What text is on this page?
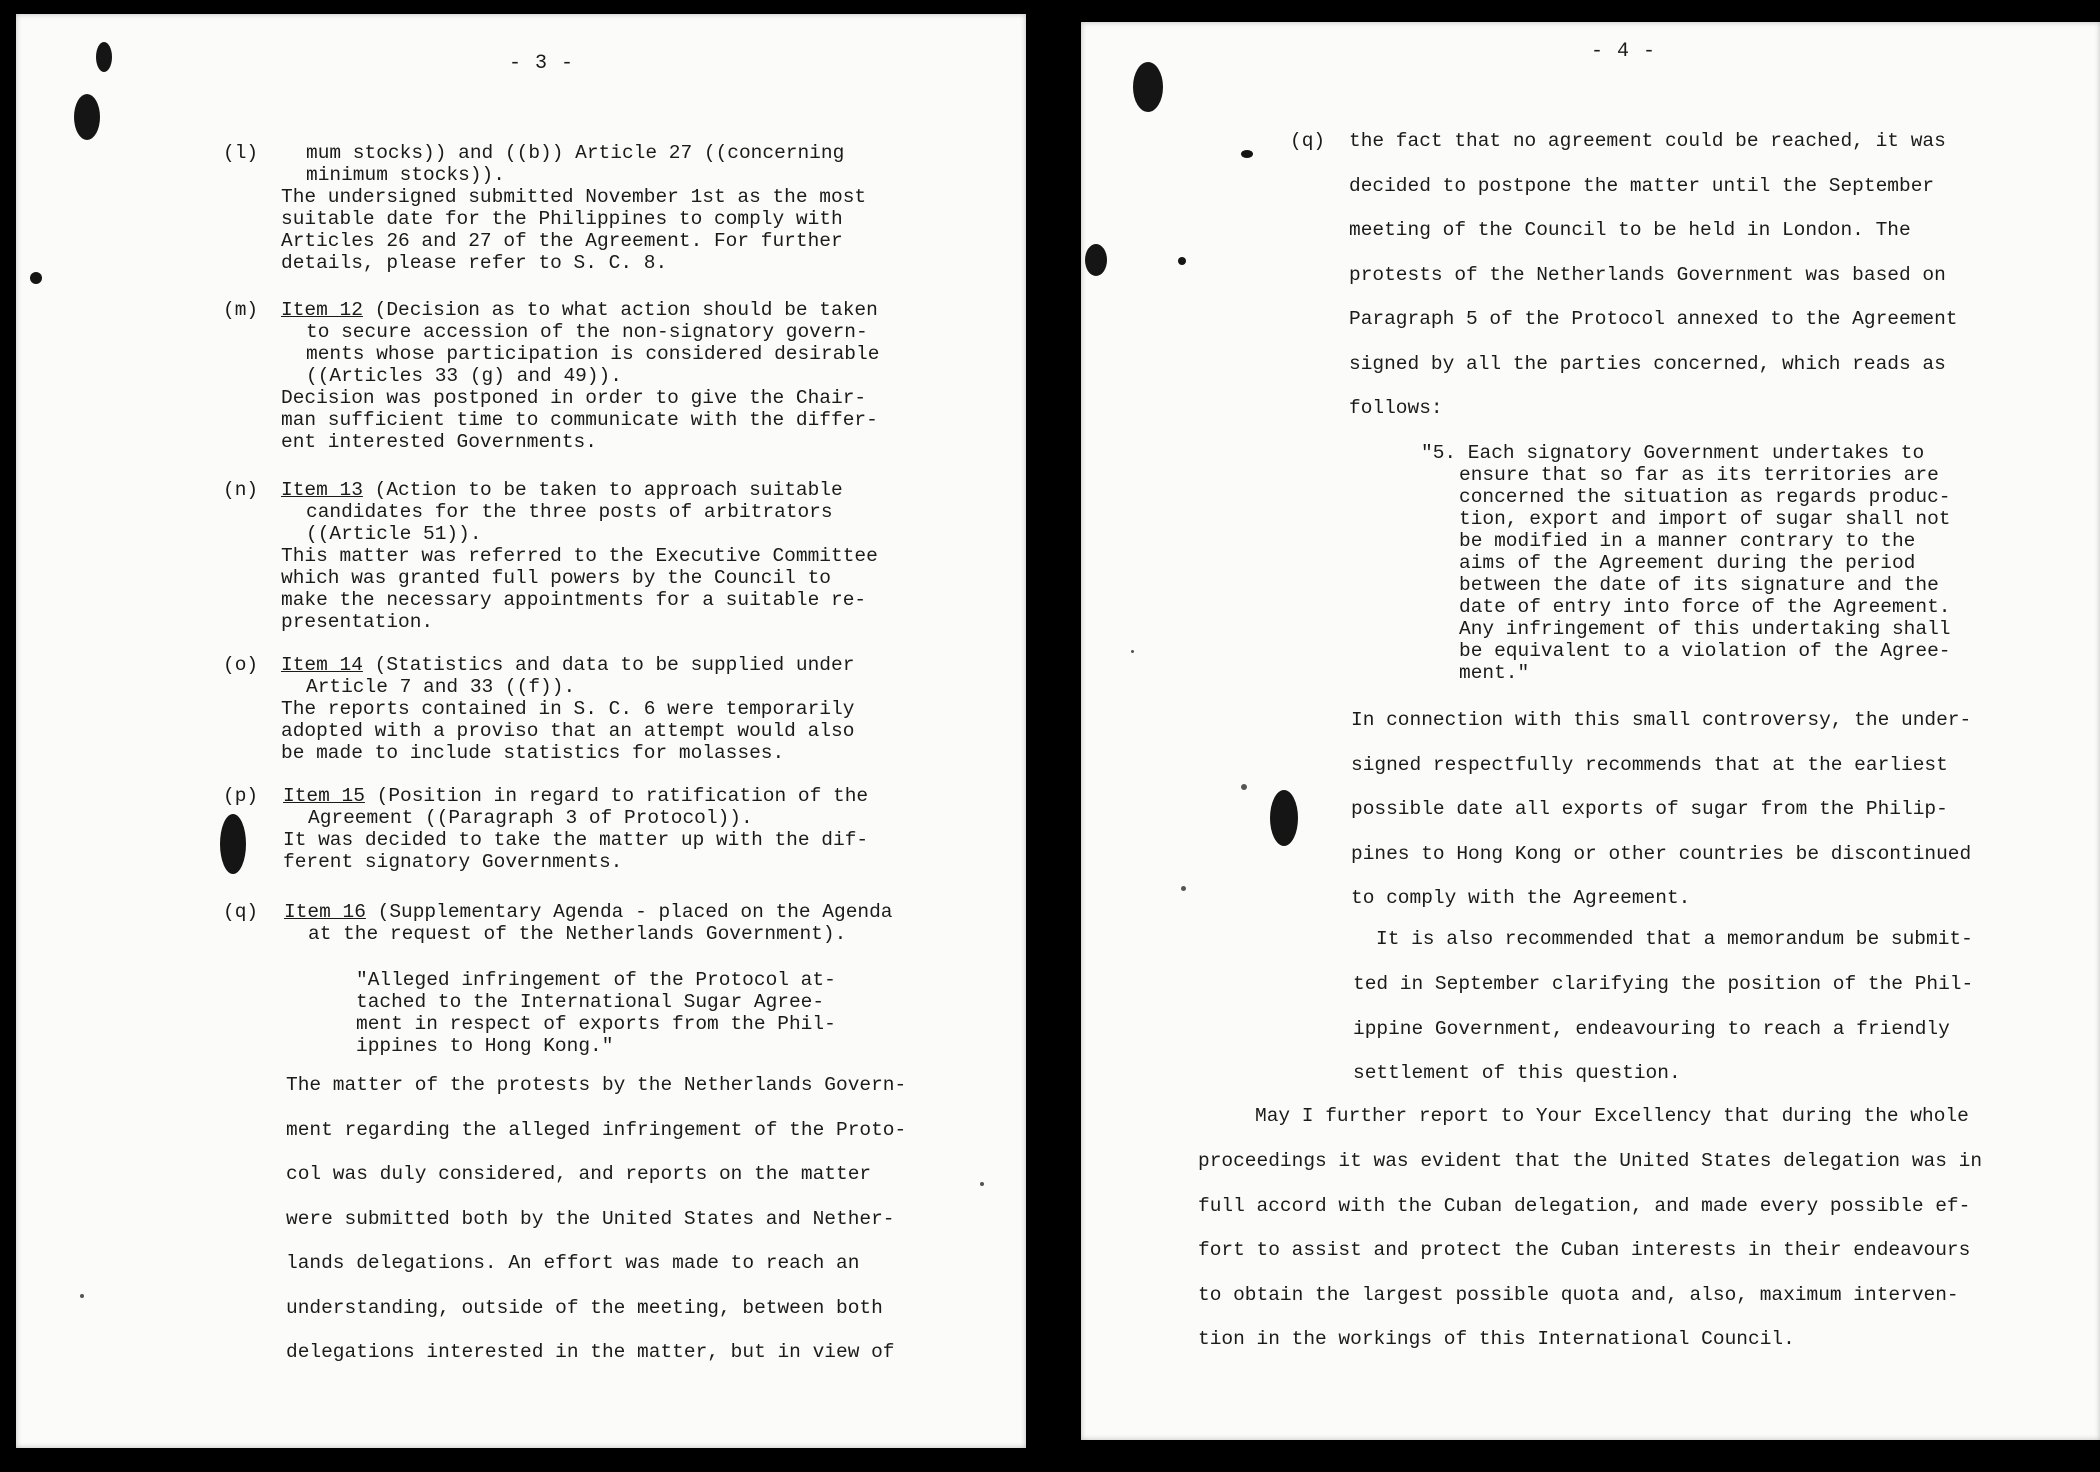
- 3 -
(l) mum stocks)) and ((b)) Article 27 ((concerning
minimum stocks)).
The undersigned submitted November 1st as the most
suitable date for the Philippines to comply with
Articles 26 and 27 of the Agreement. For further
details, please refer to S. C. 8.
(m) Item 12 (Decision as to what action should be taken
to secure accession of the non-signatory govern-
ments whose participation is considered desirable
((Articles 33 (g) and 49)).
Decision was postponed in order to give the Chair-
man sufficient time to communicate with the differ-
ent interested Governments.
(n) Item 13 (Action to be taken to approach suitable
candidates for the three posts of arbitrators
((Article 51)).
This matter was referred to the Executive Committee
which was granted full powers by the Council to
make the necessary appointments for a suitable re-
presentation.
(o) Item 14 (Statistics and data to be supplied under
Article 7 and 33 ((f)).
The reports contained in S. C. 6 were temporarily
adopted with a proviso that an attempt would also
be made to include statistics for molasses.
(p) Item 15 (Position in regard to ratification of the
Agreement ((Paragraph 3 of Protocol)).
It was decided to take the matter up with the dif-
ferent signatory Governments.
(q) Item 16 (Supplementary Agenda - placed on the Agenda
at the request of the Netherlands Government).
"Alleged infringement of the Protocol at-
tached to the International Sugar Agree-
ment in respect of exports from the Phil-
ippines to Hong Kong."
The matter of the protests by the Netherlands Govern-
ment regarding the alleged infringement of the Proto-
col was duly considered, and reports on the matter
were submitted both by the United States and Nether-
lands delegations. An effort was made to reach an
understanding, outside of the meeting, between both
delegations interested in the matter, but in view of
- 4 -
(q) the fact that no agreement could be reached, it was
decided to postpone the matter until the September
meeting of the Council to be held in London. The
protests of the Netherlands Government was based on
Paragraph 5 of the Protocol annexed to the Agreement
signed by all the parties concerned, which reads as
follows:
"5. Each signatory Government undertakes to
ensure that so far as its territories are
concerned the situation as regards produc-
tion, export and import of sugar shall not
be modified in a manner contrary to the
aims of the Agreement during the period
between the date of its signature and the
date of entry into force of the Agreement.
Any infringement of this undertaking shall
be equivalent to a violation of the Agree-
ment."
In connection with this small controversy, the under-
signed respectfully recommends that at the earliest
possible date all exports of sugar from the Philip-
pines to Hong Kong or other countries be discontinued
to comply with the Agreement.
It is also recommended that a memorandum be submit-
ted in September clarifying the position of the Phil-
ippine Government, endeavouring to reach a friendly
settlement of this question.
May I further report to Your Excellency that during the whole
proceedings it was evident that the United States delegation was in
full accord with the Cuban delegation, and made every possible ef-
fort to assist and protect the Cuban interests in their endeavours
to obtain the largest possible quota and, also, maximum interven-
tion in the workings of this International Council.
